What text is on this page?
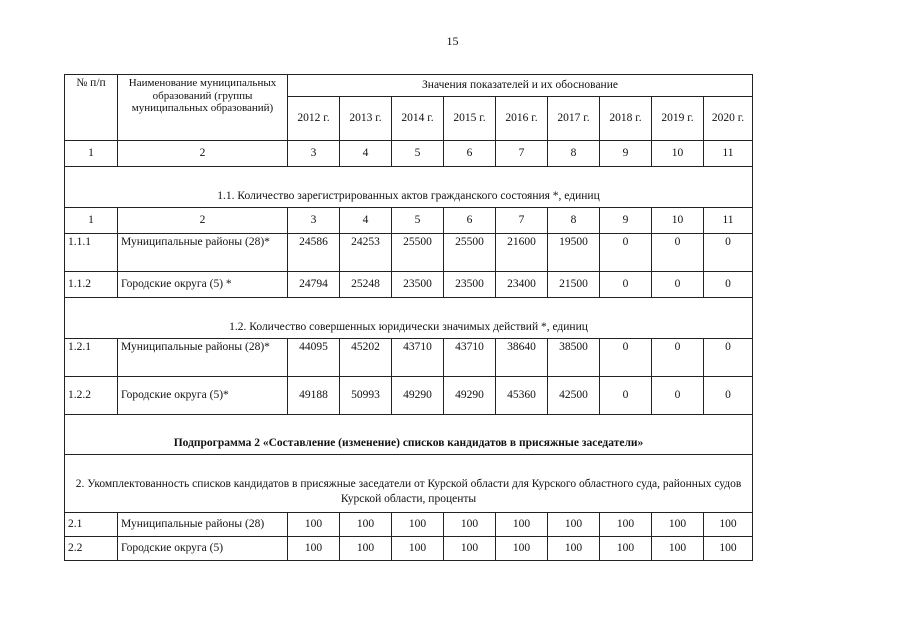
15
№ п/п	Наименование муниципальных образований (группы муниципальных образований)	Значения показателей и их обоснование								
		2012 г.	2013 г.	2014 г.	2015 г.	2016 г.	2017 г.	2018 г.	2019 г.	2020 г.
1	2	3	4	5	6	7	8	9	10	11
1.1. Количество зарегистрированных актов гражданского состояния *, единиц										
1	2	3	4	5	6	7	8	9	10	11
1.1.1	Муниципальные районы (28)*	24586	24253	25500	25500	21600	19500	0	0	0
1.1.2	Городские округа (5) *	24794	25248	23500	23500	23400	21500	0	0	0
1.2. Количество совершенных юридически значимых действий *, единиц										
1.2.1	Муниципальные районы (28)*	44095	45202	43710	43710	38640	38500	0	0	0
1.2.2	Городские округа (5)*	49188	50993	49290	49290	45360	42500	0	0	0
Подпрограмма 2 «Составление (изменение) списков кандидатов в присяжные заседатели»										
2. Укомплектованность списков кандидатов в присяжные заседатели от Курской области для Курского областного суда, районных судов Курской области, проценты										
2.1	Муниципальные районы (28)	100	100	100	100	100	100	100	100	100
2.2	Городские округа (5)	100	100	100	100	100	100	100	100	100
